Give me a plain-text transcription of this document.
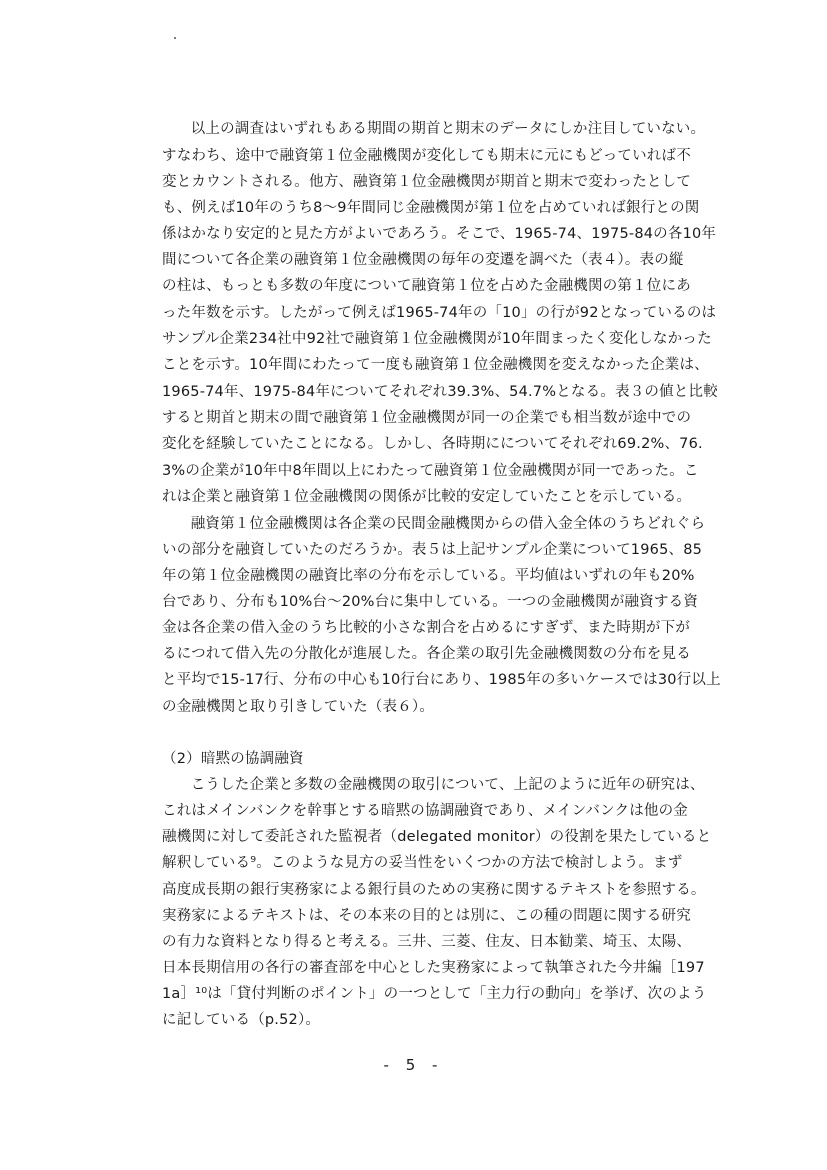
　以上の調査はいずれもある期間の期首と期末のデータにしか注目していない。
すなわち、途中で融資第１位金融機関が変化しても期末に元にもどっていれば不
変とカウントされる。他方、融資第１位金融機関が期首と期末で変わったとして
も、例えば10年のうち8～9年間同じ金融機関が第１位を占めていれば銀行との関
係はかなり安定的と見た方がよいであろう。そこで、1965-74、1975-84の各10年
間について各企業の融資第１位金融機関の毎年の変遷を調べた（表４）。表の縦
の柱は、もっとも多数の年度について融資第１位を占めた金融機関の第１位にあ
った年数を示す。したがって例えば1965-74年の「10」の行が92となっているのは
サンプル企業234社中92社で融資第１位金融機関が10年間まったく変化しなかった
ことを示す。10年間にわたって一度も融資第１位金融機関を変えなかった企業は、
1965-74年、1975-84年についてそれぞれ39.3%、54.7%となる。表３の値と比較
すると期首と期末の間で融資第１位金融機関が同一の企業でも相当数が途中での
変化を経験していたことになる。しかし、各時期にについてそれぞれ69.2%、76.
3%の企業が10年中8年間以上にわたって融資第１位金融機関が同一であった。こ
れは企業と融資第１位金融機関の関係が比較的安定していたことを示している。
　融資第１位金融機関は各企業の民間金融機関からの借入金全体のうちどれぐら
いの部分を融資していたのだろうか。表５は上記サンプル企業について1965、85
年の第１位金融機関の融資比率の分布を示している。平均値はいずれの年も20%
台であり、分布も10%台～20%台に集中している。一つの金融機関が融資する資
金は各企業の借入金のうち比較的小さな割合を占めるにすぎず、また時期が下が
るにつれて借入先の分散化が進展した。各企業の取引先金融機関数の分布を見る
と平均で15-17行、分布の中心も10行台にあり、1985年の多いケースでは30行以上
の金融機関と取り引きしていた（表６）。
（2）暗黙の協調融資
　こうした企業と多数の金融機関の取引について、上記のように近年の研究は、
これはメインバンクを幹事とする暗黙の協調融資であり、メインバンクは他の金
融機関に対して委託された監視者（delegated monitor）の役割を果たしていると
解釈している⁹。このような見方の妥当性をいくつかの方法で検討しよう。まず
高度成長期の銀行実務家による銀行員のための実務に関するテキストを参照する。
実務家によるテキストは、その本来の目的とは別に、この種の問題に関する研究
の有力な資料となり得ると考える。三井、三菱、住友、日本勧業、埼玉、太陽、
日本長期信用の各行の審査部を中心とした実務家によって執筆された今井編［197
1a］¹⁰は「貸付判断のポイント」の一つとして「主力行の動向」を挙げ、次のよう
に記している（p.52）。
- 5 -
